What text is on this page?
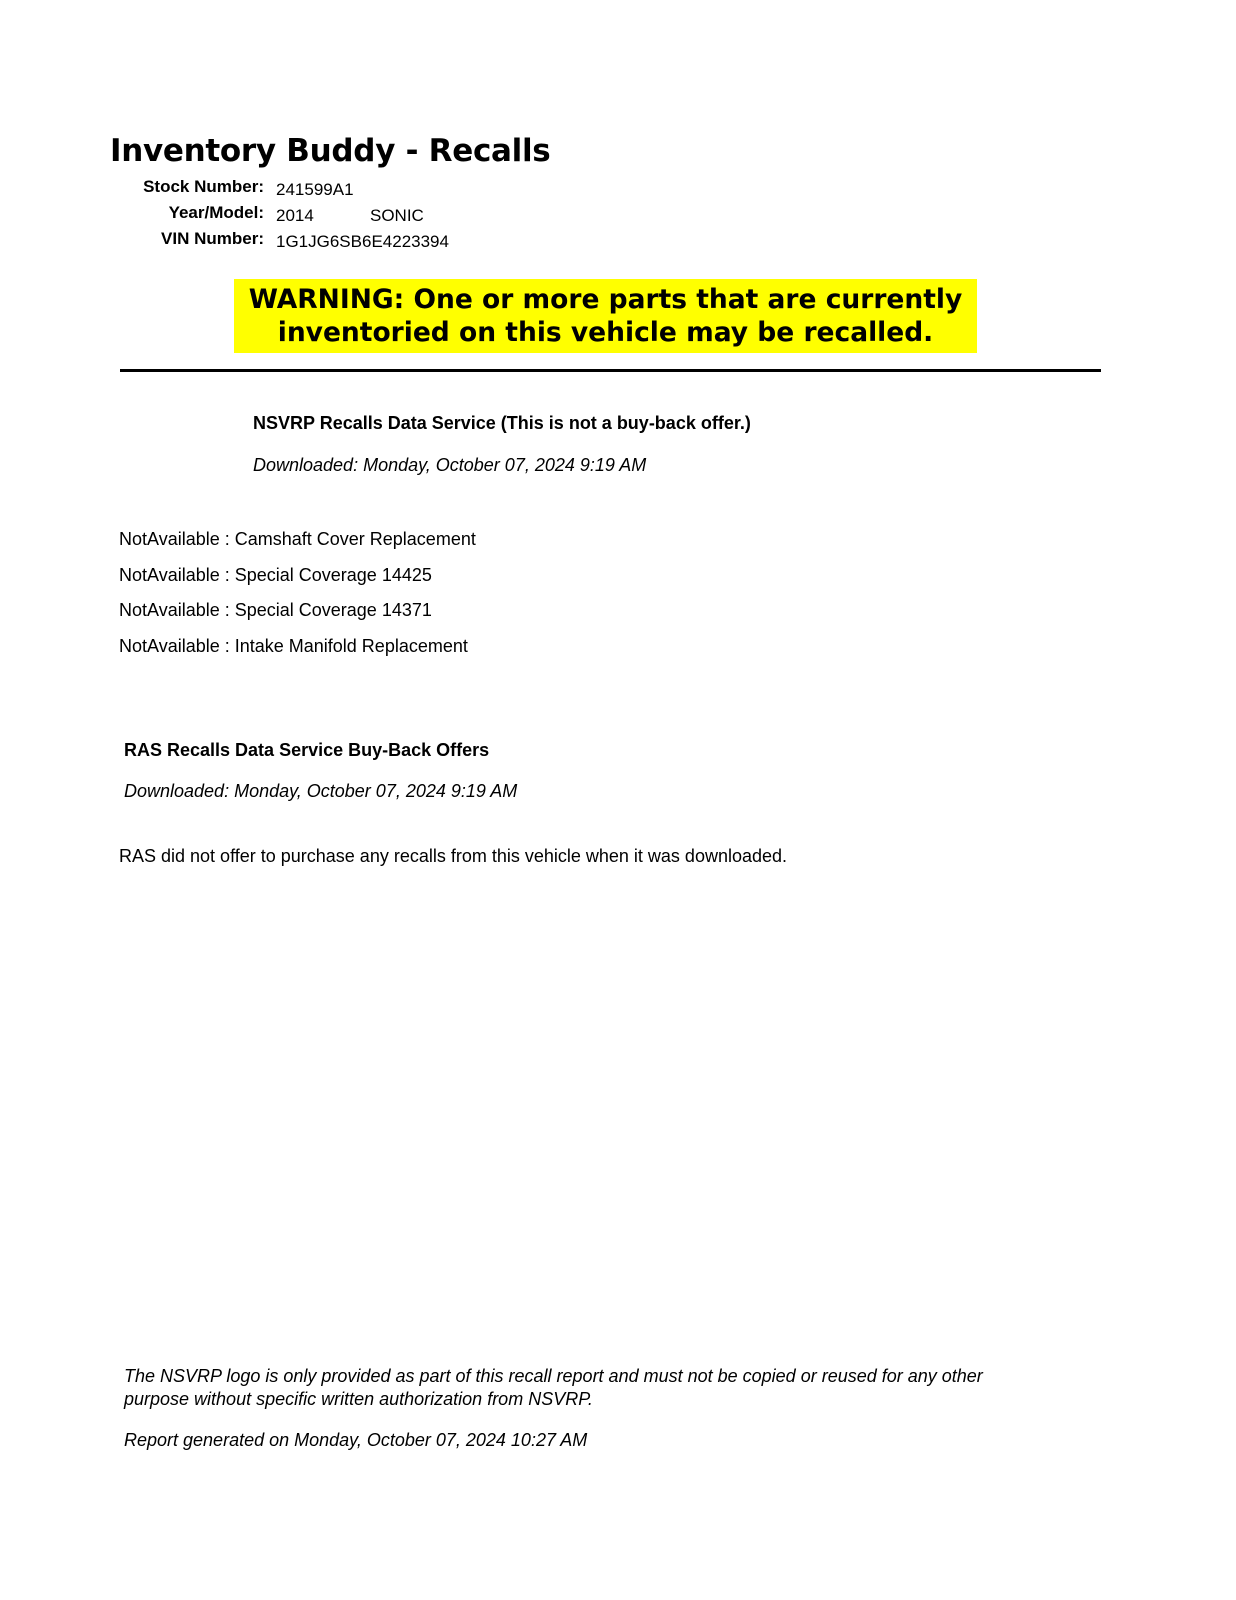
Inventory Buddy - Recalls
Stock Number: 241599A1
Year/Model: 2014	SONIC
VIN Number: 1G1JG6SB6E4223394
WARNING: One or more parts that are currently
inventoried on this vehicle may be recalled.
NSVRP Recalls Data Service (This is not a buy-back offer.)
Downloaded: Monday, October 07, 2024 9:19 AM
NotAvailable : Camshaft Cover Replacement
NotAvailable : Special Coverage 14425
NotAvailable : Special Coverage 14371
NotAvailable : Intake Manifold Replacement
RAS Recalls Data Service Buy-Back Offers
Downloaded: Monday, October 07, 2024 9:19 AM
RAS did not offer to purchase any recalls from this vehicle when it was downloaded.
The NSVRP logo is only provided as part of this recall report and must not be copied or reused for any other
purpose without specific written authorization from NSVRP.
Report generated on Monday, October 07, 2024 10:27 AM
